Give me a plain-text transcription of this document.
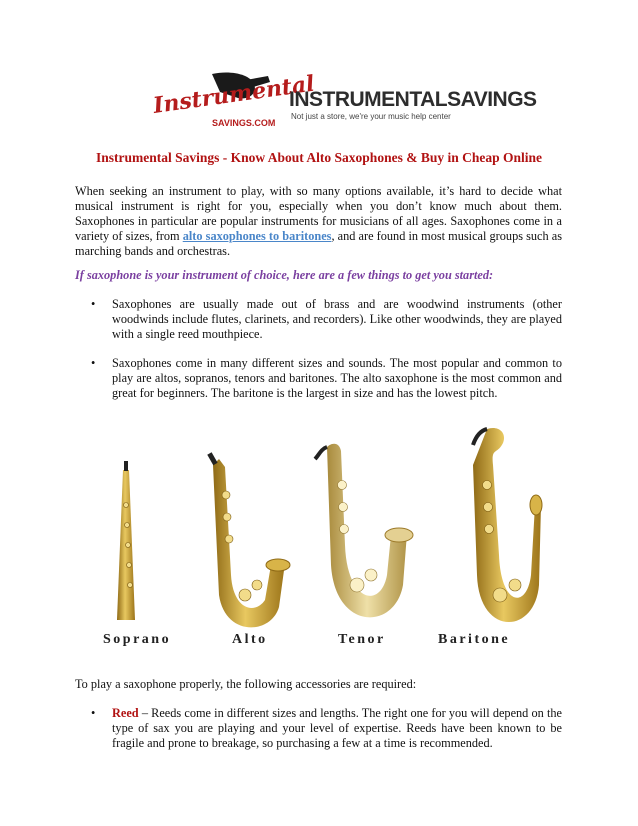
Instrumental
SAVINGS.COM
INSTRUMENTALSAVINGS
Not just a store, we're your music help center
Instrumental Savings - Know About Alto Saxophones & Buy in Cheap Online

When seeking an instrument to play, with so many options available, it’s hard to decide what musical instrument is right for you, especially when you don’t know much about them. Saxophones in particular are popular instruments for musicians of all ages. Saxophones come in a variety of sizes, from alto saxophones to baritones, and are found in most musical groups such as marching bands and orchestras.

If saxophone is your instrument of choice, here are a few things to get you started:

• Saxophones are usually made out of brass and are woodwind instruments (other woodwinds include flutes, clarinets, and recorders). Like other woodwinds, they are played with a single reed mouthpiece.
• Saxophones come in many different sizes and sounds. The most popular and common to play are altos, sopranos, tenors and baritones. The alto saxophone is the most common and great for beginners. The baritone is the largest in size and has the lowest pitch.
Soprano	Alto	Tenor	Baritone

To play a saxophone properly, the following accessories are required:

• Reed – Reeds come in different sizes and lengths. The right one for you will depend on the type of sax you are playing and your level of expertise. Reeds have been known to be fragile and prone to breakage, so purchasing a few at a time is recommended.
